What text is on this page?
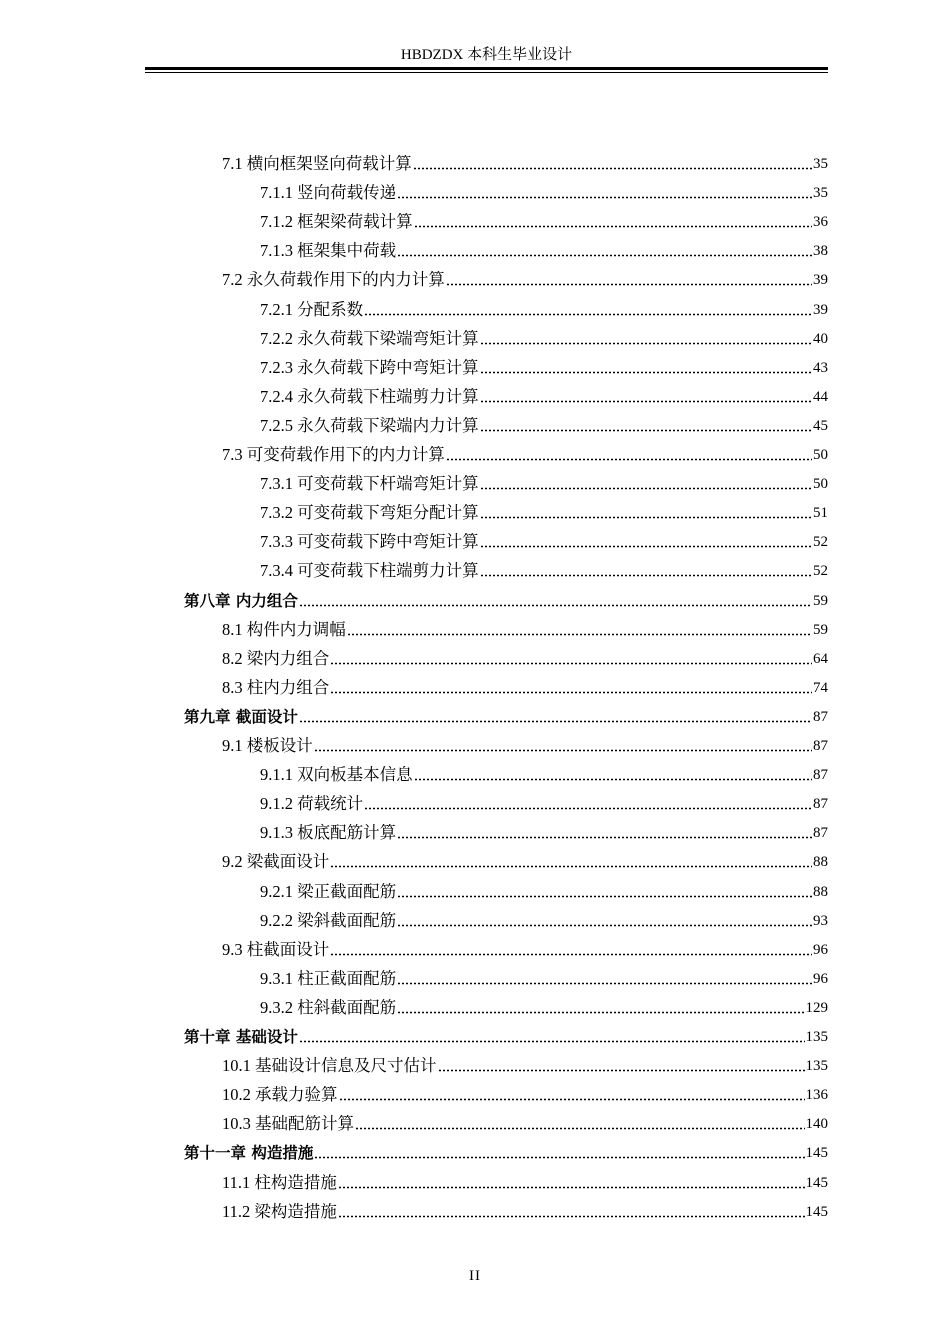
HBDZDX 本科生毕业设计
7.1 横向框架竖向荷载计算	35
7.1.1 竖向荷载传递	35
7.1.2 框架梁荷载计算	36
7.1.3 框架集中荷载	38
7.2 永久荷载作用下的内力计算	39
7.2.1 分配系数	39
7.2.2 永久荷载下梁端弯矩计算	40
7.2.3 永久荷载下跨中弯矩计算	43
7.2.4 永久荷载下柱端剪力计算	44
7.2.5 永久荷载下梁端内力计算	45
7.3 可变荷载作用下的内力计算	50
7.3.1 可变荷载下杆端弯矩计算	50
7.3.2 可变荷载下弯矩分配计算	51
7.3.3 可变荷载下跨中弯矩计算	52
7.3.4 可变荷载下柱端剪力计算	52
第八章 内力组合	59
8.1 构件内力调幅	59
8.2 梁内力组合	64
8.3 柱内力组合	74
第九章 截面设计	87
9.1 楼板设计	87
9.1.1 双向板基本信息	87
9.1.2 荷载统计	87
9.1.3 板底配筋计算	87
9.2 梁截面设计	88
9.2.1 梁正截面配筋	88
9.2.2 梁斜截面配筋	93
9.3 柱截面设计	96
9.3.1 柱正截面配筋	96
9.3.2 柱斜截面配筋	129
第十章 基础设计	135
10.1 基础设计信息及尺寸估计	135
10.2 承载力验算	136
10.3 基础配筋计算	140
第十一章 构造措施	145
11.1 柱构造措施	145
11.2 梁构造措施	145
II
